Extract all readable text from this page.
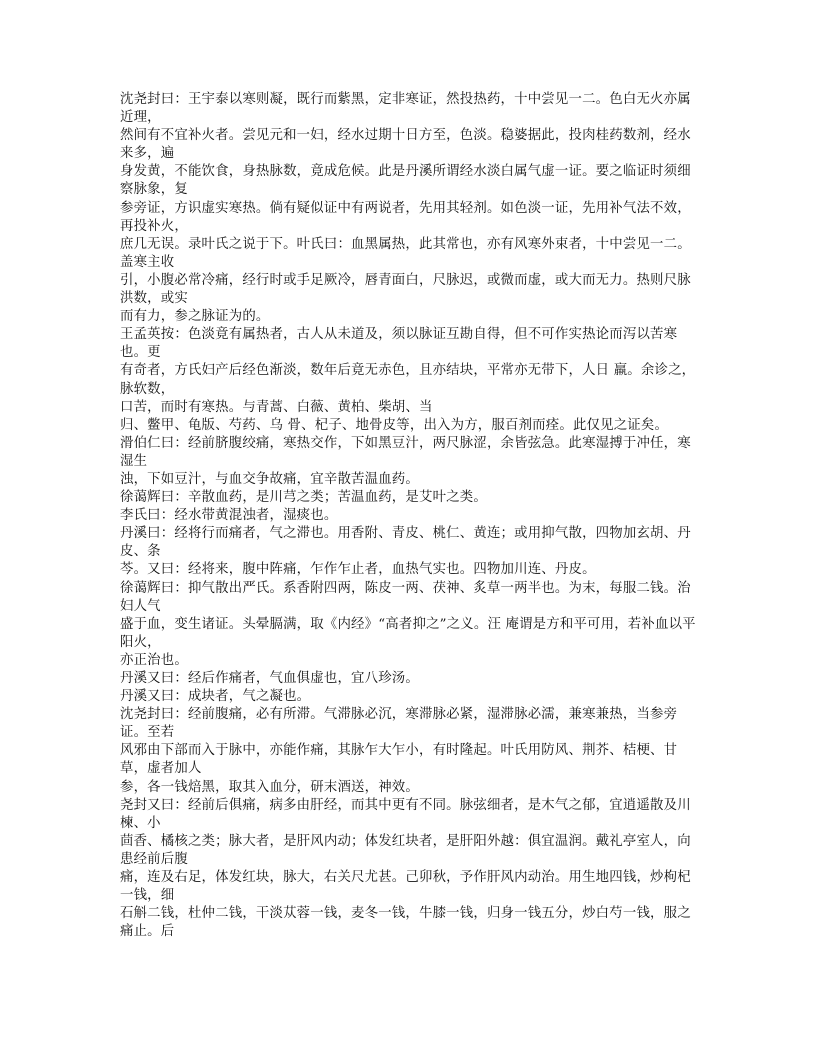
沈尧封曰：王宇泰以寒则凝，既行而紫黑，定非寒证，然投热药，十中尝见一二。色白无火亦属近理，
然间有不宜补火者。尝见元和一妇，经水过期十日方至，色淡。稳婆据此，投肉桂药数剂，经水来多，遍
身发黄，不能饮食，身热脉数，竟成危候。此是丹溪所谓经水淡白属气虚一证。要之临证时须细察脉象，复
参旁证，方识虚实寒热。倘有疑似证中有两说者，先用其轻剂。如色淡一证，先用补气法不效，再投补火，
庶几无误。录叶氏之说于下。叶氏曰：血黑属热，此其常也，亦有风寒外束者，十中尝见一二。盖寒主收
引，小腹必常冷痛，经行时或手足厥冷，唇青面白，尺脉迟，或微而虚，或大而无力。热则尺脉洪数，或实
而有力，参之脉证为的。
王孟英按：色淡竟有属热者，古人从未道及，须以脉证互勘自得，但不可作实热论而泻以苦寒也。更
有奇者，方氏妇产后经色渐淡，数年后竟无赤色，且亦结块，平常亦无带下，人日 羸。余诊之，脉软数，
口苦，而时有寒热。与青蒿、白薇、黄柏、柴胡、当
归、鳖甲、龟版、芍药、乌 骨、杞子、地骨皮等，出入为方，服百剂而痊。此仅见之证矣。
滑伯仁曰：经前脐腹绞痛，寒热交作，下如黑豆汁，两尺脉涩，余皆弦急。此寒湿搏于冲任，寒湿生
浊，下如豆汁，与血交争故痛，宜辛散苦温血药。
徐蔼辉曰：辛散血药，是川芎之类；苦温血药，是艾叶之类。
李氏曰：经水带黄混浊者，湿痰也。
丹溪曰：经将行而痛者，气之滞也。用香附、青皮、桃仁、黄连；或用抑气散，四物加玄胡、丹皮、条
芩。又曰：经将来，腹中阵痛，乍作乍止者，血热气实也。四物加川连、丹皮。
徐蔼辉曰：抑气散出严氏。系香附四两，陈皮一两、茯神、炙草一两半也。为末，每服二钱。治妇人气
盛于血，变生诸证。头晕膈满，取《内经》“高者抑之”之义。汪 庵谓是方和平可用，若补血以平阳火，
亦正治也。
丹溪又曰：经后作痛者，气血俱虚也，宜八珍汤。
丹溪又曰：成块者，气之凝也。
沈尧封曰：经前腹痛，必有所滞。气滞脉必沉，寒滞脉必紧，湿滞脉必濡，兼寒兼热，当参旁证。至若
风邪由下部而入于脉中，亦能作痛，其脉乍大乍小，有时隆起。叶氏用防风、荆芥、桔梗、甘草，虚者加人
参，各一钱焙黑，取其入血分，研末酒送，神效。
尧封又曰：经前后俱痛，病多由肝经，而其中更有不同。脉弦细者，是木气之郁，宜逍遥散及川楝、小
茴香、橘核之类；脉大者，是肝风内动；体发红块者，是肝阳外越：俱宜温润。戴礼亭室人，向患经前后腹
痛，连及右足，体发红块，脉大，右关尺尤甚。己卯秋，予作肝风内动治。用生地四钱，炒枸杞一钱，细
石斛二钱，杜仲二钱，干淡苁蓉一钱，麦冬一钱，牛膝一钱，归身一钱五分，炒白芍一钱，服之痛止。后
